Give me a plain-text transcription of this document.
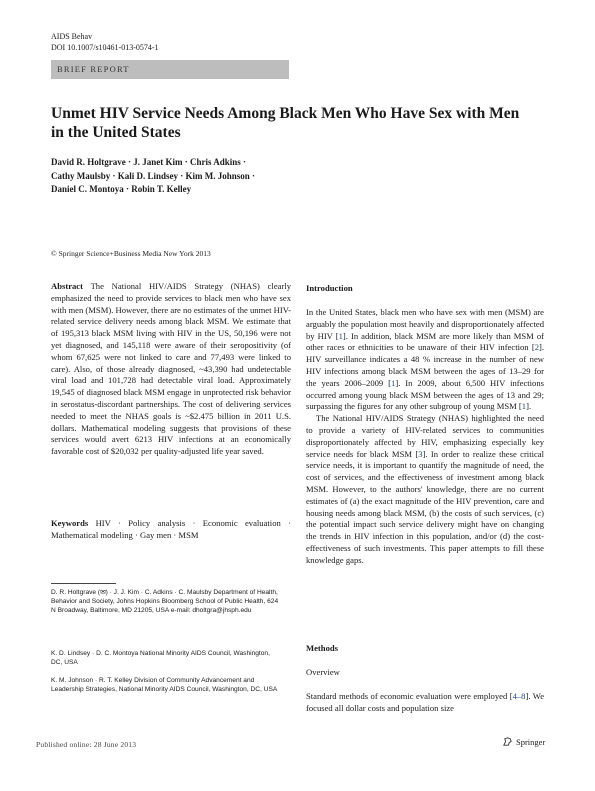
AIDS Behav
DOI 10.1007/s10461-013-0574-1
BRIEF REPORT
Unmet HIV Service Needs Among Black Men Who Have Sex with Men in the United States
David R. Holtgrave · J. Janet Kim · Chris Adkins ·
Cathy Maulsby · Kali D. Lindsey · Kim M. Johnson ·
Daniel C. Montoya · Robin T. Kelley
© Springer Science+Business Media New York 2013
Abstract The National HIV/AIDS Strategy (NHAS) clearly emphasized the need to provide services to black men who have sex with men (MSM). However, there are no estimates of the unmet HIV-related service delivery needs among black MSM. We estimate that of 195,313 black MSM living with HIV in the US, 50,196 were not yet diagnosed, and 145,118 were aware of their seropositivity (of whom 67,625 were not linked to care and 77,493 were linked to care). Also, of those already diagnosed, ~43,390 had undetectable viral load and 101,728 had detectable viral load. Approximately 19,545 of diagnosed black MSM engage in unprotected risk behavior in serostatus-discordant partnerships. The cost of delivering services needed to meet the NHAS goals is ~$2.475 billion in 2011 U.S. dollars. Mathematical modeling suggests that provisions of these services would avert 6213 HIV infections at an economically favorable cost of $20,032 per quality-adjusted life year saved.
Keywords HIV · Policy analysis · Economic evaluation · Mathematical modeling · Gay men · MSM
D. R. Holtgrave (✉) · J. J. Kim · C. Adkins · C. Maulsby Department of Health, Behavior and Society, Johns Hopkins Bloomberg School of Public Health, 624 N Broadway, Baltimore, MD 21205, USA e-mail: dholtgra@jhsph.edu
K. D. Lindsey · D. C. Montoya National Minority AIDS Council, Washington, DC, USA
K. M. Johnson · R. T. Kelley Division of Community Advancement and Leadership Strategies, National Minority AIDS Council, Washington, DC, USA
Introduction

In the United States, black men who have sex with men (MSM) are arguably the population most heavily and disproportionately affected by HIV [1]. In addition, black MSM are more likely than MSM of other races or ethnicities to be unaware of their HIV infection [2]. HIV surveillance indicates a 48 % increase in the number of new HIV infections among black MSM between the ages of 13–29 for the years 2006–2009 [1]. In 2009, about 6,500 HIV infections occurred among young black MSM between the ages of 13 and 29; surpassing the figures for any other subgroup of young MSM [1].

The National HIV/AIDS Strategy (NHAS) highlighted the need to provide a variety of HIV-related services to communities disproportionately affected by HIV, emphasizing especially key service needs for black MSM [3]. In order to realize these critical service needs, it is important to quantify the magnitude of need, the cost of services, and the effectiveness of investment among black MSM. However, to the authors' knowledge, there are no current estimates of (a) the exact magnitude of the HIV prevention, care and housing needs among black MSM, (b) the costs of such services, (c) the potential impact such service delivery might have on changing the trends in HIV infection in this population, and/or (d) the cost-effectiveness of such investments. This paper attempts to fill these knowledge gaps.

Methods
Overview
Standard methods of economic evaluation were employed [4–8]. We focused all dollar costs and population size
Published online: 28 June 2013	Springer
